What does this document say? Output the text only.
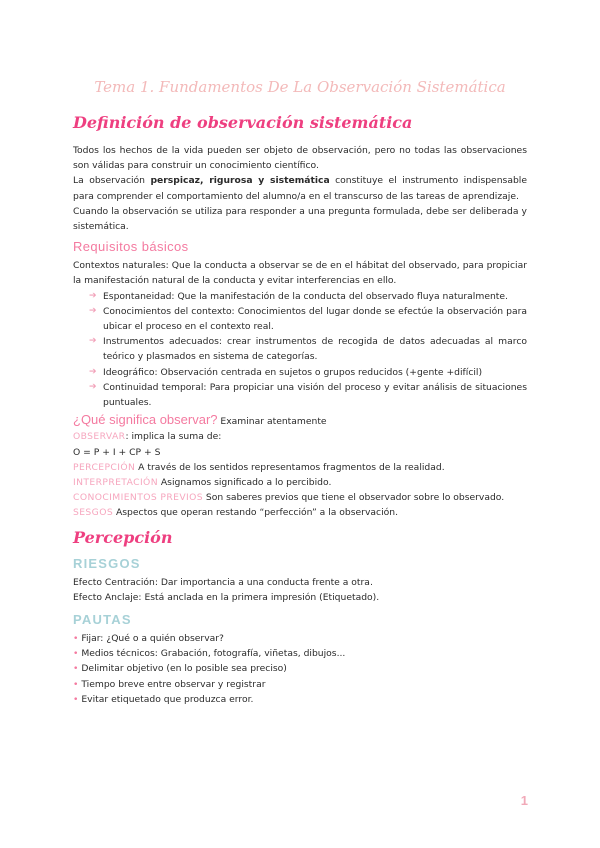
Tema 1. Fundamentos De La Observación Sistemática
Definición de observación sistemática

Todos los hechos de la vida pueden ser objeto de observación, pero no todas las observaciones son válidas para construir un conocimiento científico.

La observación perspicaz, rigurosa y sistemática constituye el instrumento indispensable para comprender el comportamiento del alumno/a en el transcurso de las tareas de aprendizaje.

Cuando la observación se utiliza para responder a una pregunta formulada, debe ser deliberada y sistemática.

Requisitos básicos

Contextos naturales: Que la conducta a observar se de en el hábitat del observado, para propiciar la manifestación natural de la conducta y evitar interferencias en ello.

➔ Espontaneidad: Que la manifestación de la conducta del observado fluya naturalmente.
➔ Conocimientos del contexto: Conocimientos del lugar donde se efectúe la observación para ubicar el proceso en el contexto real.
➔ Instrumentos adecuados: crear instrumentos de recogida de datos adecuadas al marco teórico y plasmados en sistema de categorías.
➔ Ideográfico: Observación centrada en sujetos o grupos reducidos (+gente +difícil)
➔ Continuidad temporal: Para propiciar una visión del proceso y evitar análisis de situaciones puntuales.

¿Qué significa observar? Examinar atentamente

OBSERVAR: implica la suma de:

O = P + I + CP + S

PERCEPCIÓN A través de los sentidos representamos fragmentos de la realidad.

INTERPRETACIÓN Asignamos significado a lo percibido.

CONOCIMIENTOS PREVIOS Son saberes previos que tiene el observador sobre lo observado.

SESGOS Aspectos que operan restando “perfección” a la observación.

Percepción
RIESGOS

Efecto Centración: Dar importancia a una conducta frente a otra.

Efecto Anclaje: Está anclada en la primera impresión (Etiquetado).

PAUTAS
• Fijar: ¿Qué o a quién observar?
• Medios técnicos: Grabación, fotografía, viñetas, dibujos...
• Delimitar objetivo (en lo posible sea preciso)
• Tiempo breve entre observar y registrar
• Evitar etiquetado que produzca error.
1
